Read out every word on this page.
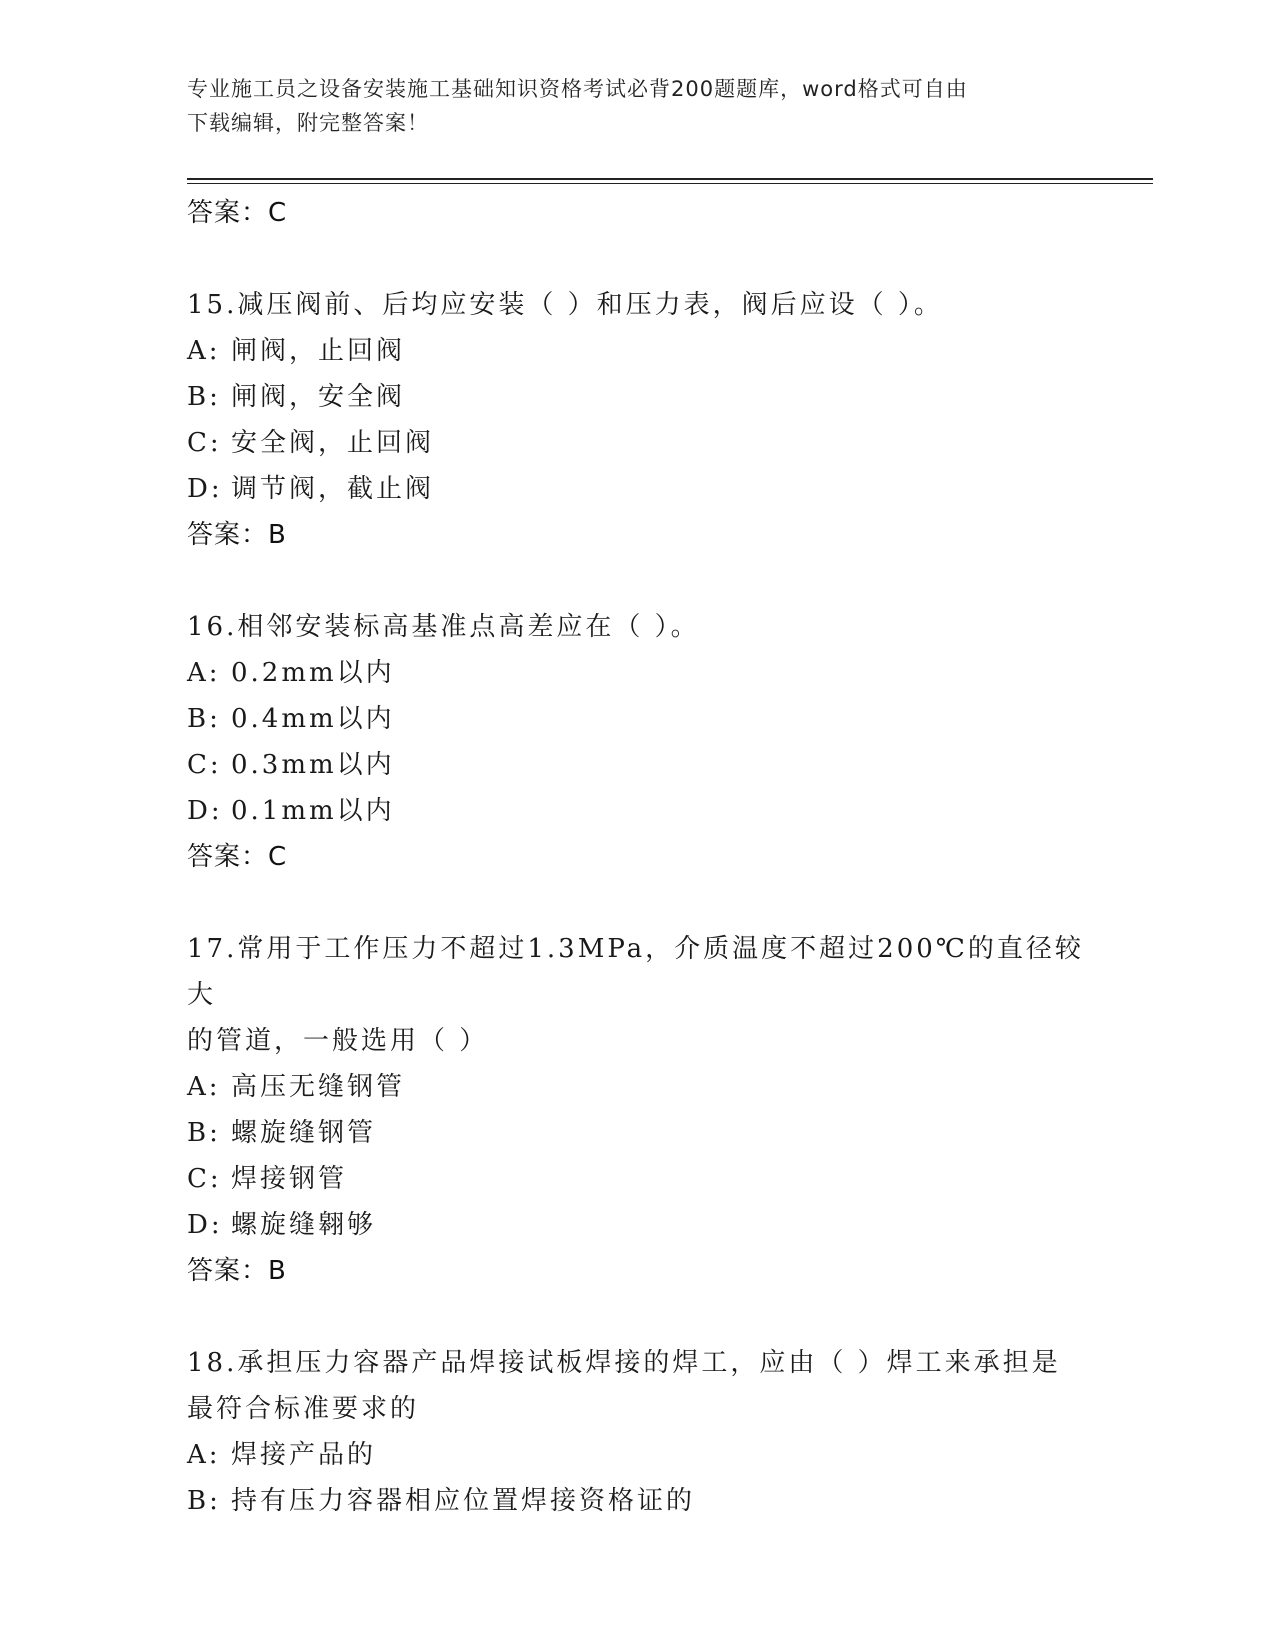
专业施工员之设备安装施工基础知识资格考试必背200题题库，word格式可自由
下载编辑，附完整答案！
答案：C
15.减压阀前、后均应安装（ ）和压力表，阀后应设（ ）。
A: 闸阀，止回阀
B: 闸阀，安全阀
C: 安全阀，止回阀
D: 调节阀，截止阀
答案：B
16.相邻安装标高基准点高差应在（ ）。
A: 0.2mm以内
B: 0.4mm以内
C: 0.3mm以内
D: 0.1mm以内
答案：C
17.常用于工作压力不超过1.3MPa，介质温度不超过200℃的直径较大
的管道，一般选用（ ）
A: 高压无缝钢管
B: 螺旋缝钢管
C: 焊接钢管
D: 螺旋缝翱够
答案：B
18.承担压力容器产品焊接试板焊接的焊工，应由（ ）焊工来承担是
最符合标准要求的
A: 焊接产品的
B: 持有压力容器相应位置焊接资格证的
